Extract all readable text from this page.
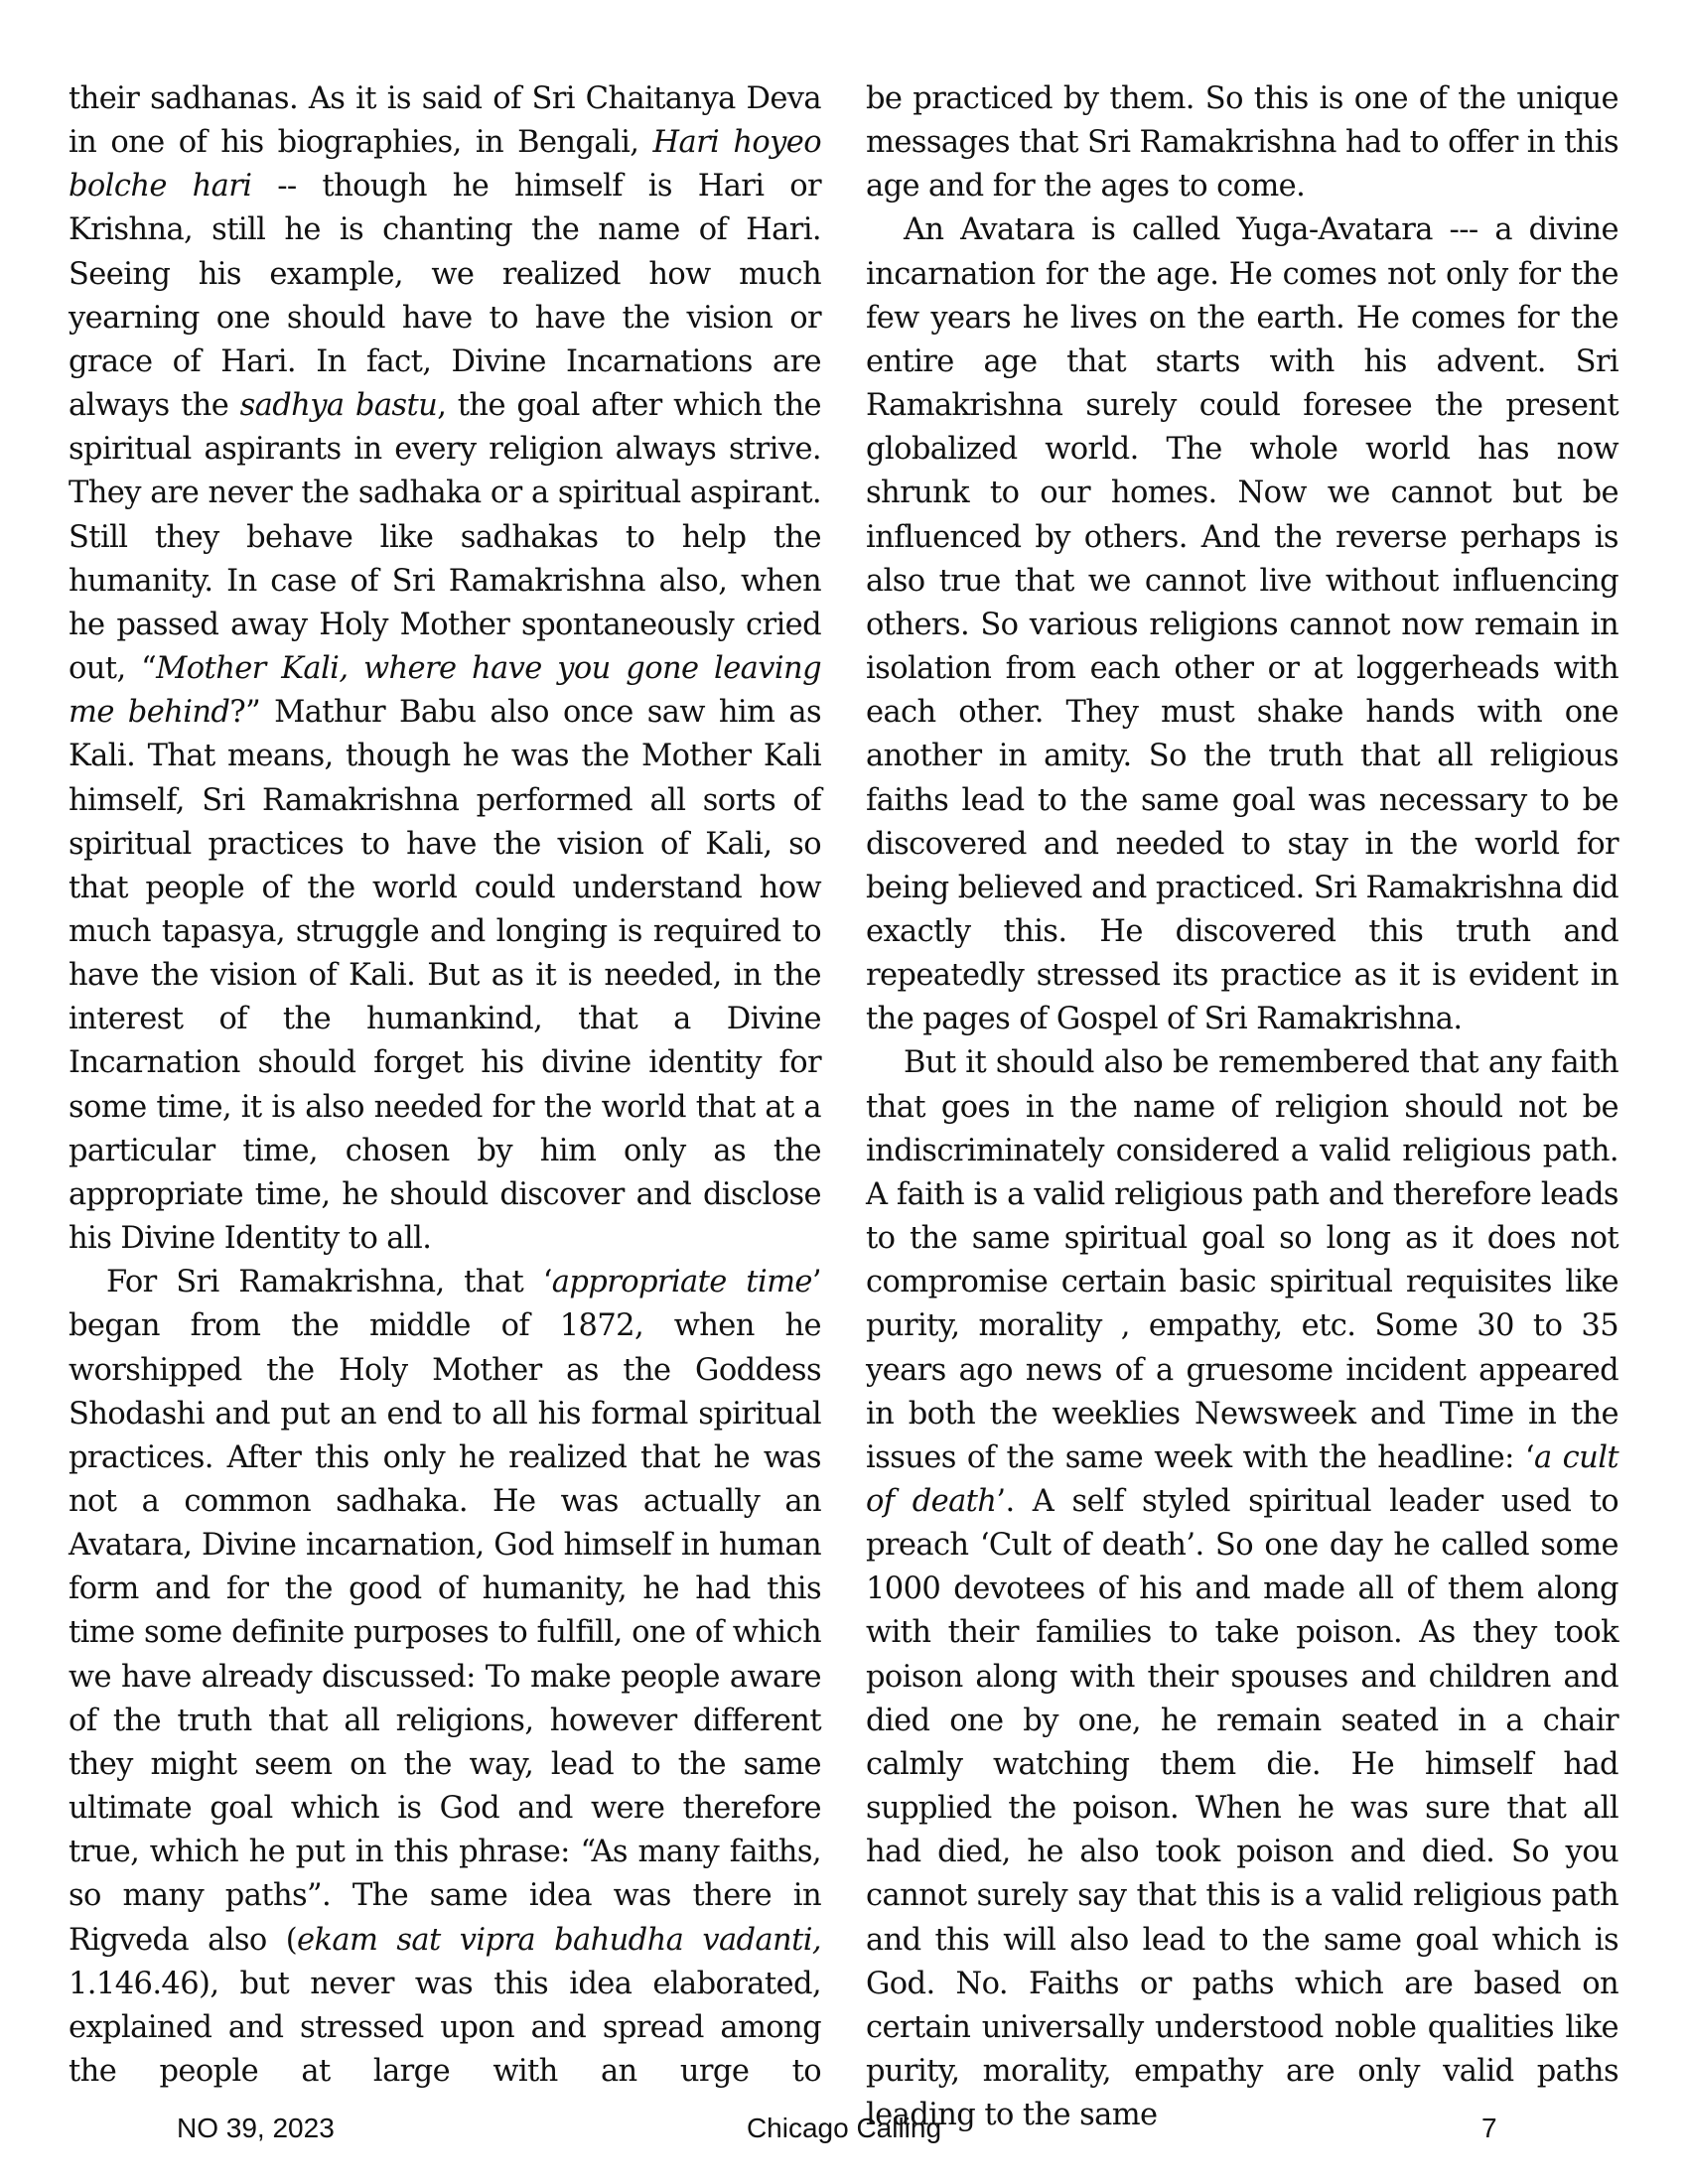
their sadhanas. As it is said of Sri Chaitanya Deva in one of his biographies, in Bengali, Hari hoyeo bolche hari -- though he himself is Hari or Krishna, still he is chanting the name of Hari. Seeing his example, we realized how much yearning one should have to have the vision or grace of Hari. In fact, Divine Incarnations are always the sadhya bastu, the goal after which the spiritual aspirants in every religion always strive. They are never the sadhaka or a spiritual aspirant. Still they behave like sadhakas to help the humanity. In case of Sri Ramakrishna also, when he passed away Holy Mother spontaneously cried out, “Mother Kali, where have you gone leaving me behind?” Mathur Babu also once saw him as Kali. That means, though he was the Mother Kali himself, Sri Ramakrishna performed all sorts of spiritual practices to have the vision of Kali, so that people of the world could understand how much tapasya, struggle and longing is required to have the vision of Kali. But as it is needed, in the interest of the humankind, that a Divine Incarnation should forget his divine identity for some time, it is also needed for the world that at a particular time, chosen by him only as the appropriate time, he should discover and disclose his Divine Identity to all.

For Sri Ramakrishna, that ‘appropriate time’ began from the middle of 1872, when he worshipped the Holy Mother as the Goddess Shodashi and put an end to all his formal spiritual practices. After this only he realized that he was not a common sadhaka. He was actually an Avatara, Divine incarnation, God himself in human form and for the good of humanity, he had this time some definite purposes to fulfill, one of which we have already discussed: To make people aware of the truth that all religions, however different they might seem on the way, lead to the same ultimate goal which is God and were therefore true, which he put in this phrase: “As many faiths, so many paths”. The same idea was there in Rigveda also (ekam sat vipra bahudha vadanti, 1.146.46), but never was this idea elaborated, explained and stressed upon and spread among the people at large with an urge to

be practiced by them. So this is one of the unique messages that Sri Ramakrishna had to offer in this age and for the ages to come.

An Avatara is called Yuga-Avatara --- a divine incarnation for the age. He comes not only for the few years he lives on the earth. He comes for the entire age that starts with his advent. Sri Ramakrishna surely could foresee the present globalized world. The whole world has now shrunk to our homes. Now we cannot but be influenced by others. And the reverse perhaps is also true that we cannot live without influencing others. So various religions cannot now remain in isolation from each other or at loggerheads with each other. They must shake hands with one another in amity. So the truth that all religious faiths lead to the same goal was necessary to be discovered and needed to stay in the world for being believed and practiced. Sri Ramakrishna did exactly this. He discovered this truth and repeatedly stressed its practice as it is evident in the pages of Gospel of Sri Ramakrishna.

But it should also be remembered that any faith that goes in the name of religion should not be indiscriminately considered a valid religious path. A faith is a valid religious path and therefore leads to the same spiritual goal so long as it does not compromise certain basic spiritual requisites like purity, morality , empathy, etc. Some 30 to 35 years ago news of a gruesome incident appeared in both the weeklies Newsweek and Time in the issues of the same week with the headline: ‘a cult of death’. A self styled spiritual leader used to preach ‘Cult of death’. So one day he called some 1000 devotees of his and made all of them along with their families to take poison. As they took poison along with their spouses and children and died one by one, he remain seated in a chair calmly watching them die. He himself had supplied the poison. When he was sure that all had died, he also took poison and died. So you cannot surely say that this is a valid religious path and this will also lead to the same goal which is God. No. Faiths or paths which are based on certain universally understood noble qualities like purity, morality, empathy are only valid paths leading to the same

NO 39, 2023	Chicago Calling	7
